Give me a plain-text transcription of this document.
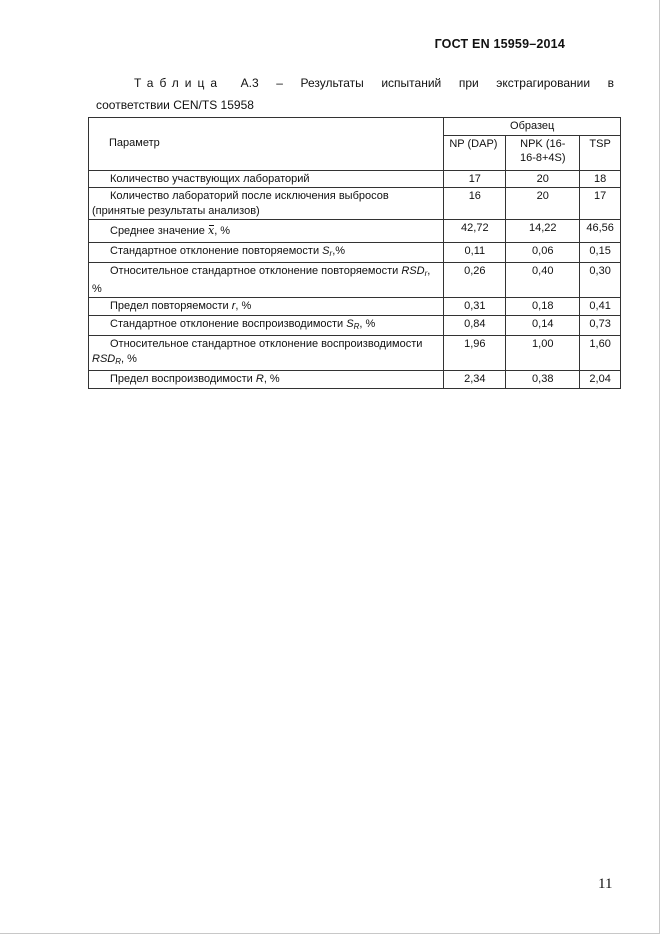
ГОСТ EN 15959–2014
Таблица А.3 – Результаты испытаний при экстрагировании в
соответствии CEN/TS 15958
Параметр	Образец		
	NP (DAP)	NPK (16-16-8+4S)	TSP
Количество участвующих лабораторий	17	20	18
Количество лабораторий после исключения выбросов (принятые результаты анализов)	16	20	17
Среднее значение x, %	42,72	14,22	46,56
Стандартное отклонение повторяемости $S_r,\%$	0,11	0,06	0,15
Относительное стандартное отклонение повторяемости $RSD_r$, %	0,26	0,40	0,30
Предел повторяемости r, %	0,31	0,18	0,41
Стандартное отклонение воспроизводимости $S_R$, %	0,84	0,14	0,73
Относительное стандартное отклонение воспроизводимости $RSD_R$, %	1,96	1,00	1,60
Предел воспроизводимости R, %	2,34	0,38	2,04
11
